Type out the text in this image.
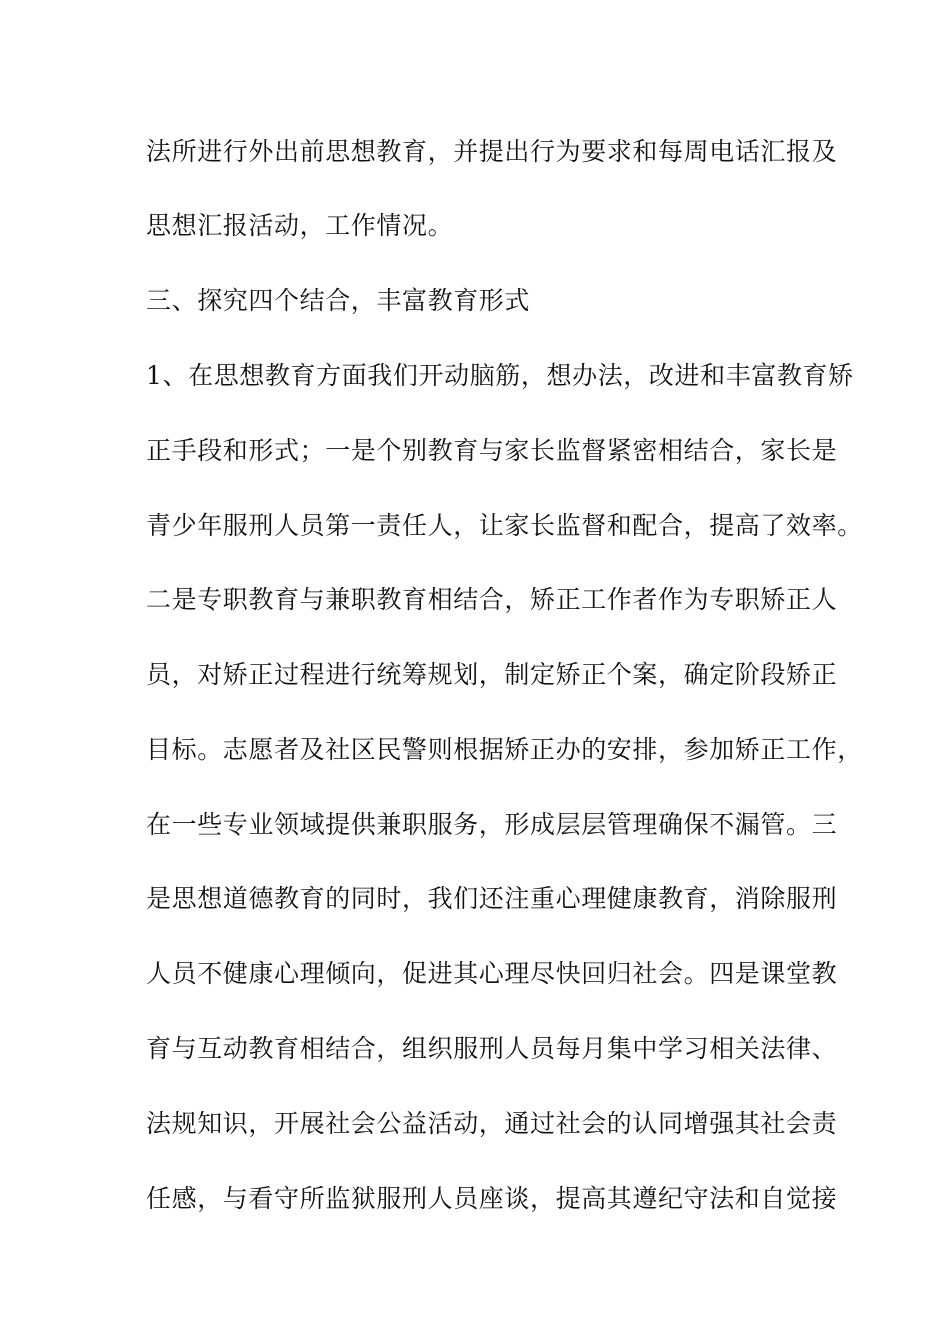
法所进行外出前思想教育，并提出行为要求和每周电话汇报及
思想汇报活动，工作情况。
三、探究四个结合，丰富教育形式
1、在思想教育方面我们开动脑筋，想办法，改进和丰富教育矫
正手段和形式；一是个别教育与家长监督紧密相结合，家长是
青少年服刑人员第一责任人，让家长监督和配合，提高了效率。
二是专职教育与兼职教育相结合，矫正工作者作为专职矫正人
员，对矫正过程进行统筹规划，制定矫正个案，确定阶段矫正
目标。志愿者及社区民警则根据矫正办的安排，参加矫正工作，
在一些专业领域提供兼职服务，形成层层管理确保不漏管。三
是思想道德教育的同时，我们还注重心理健康教育，消除服刑
人员不健康心理倾向，促进其心理尽快回归社会。四是课堂教
育与互动教育相结合，组织服刑人员每月集中学习相关法律、
法规知识，开展社会公益活动，通过社会的认同增强其社会责
任感，与看守所监狱服刑人员座谈，提高其遵纪守法和自觉接
